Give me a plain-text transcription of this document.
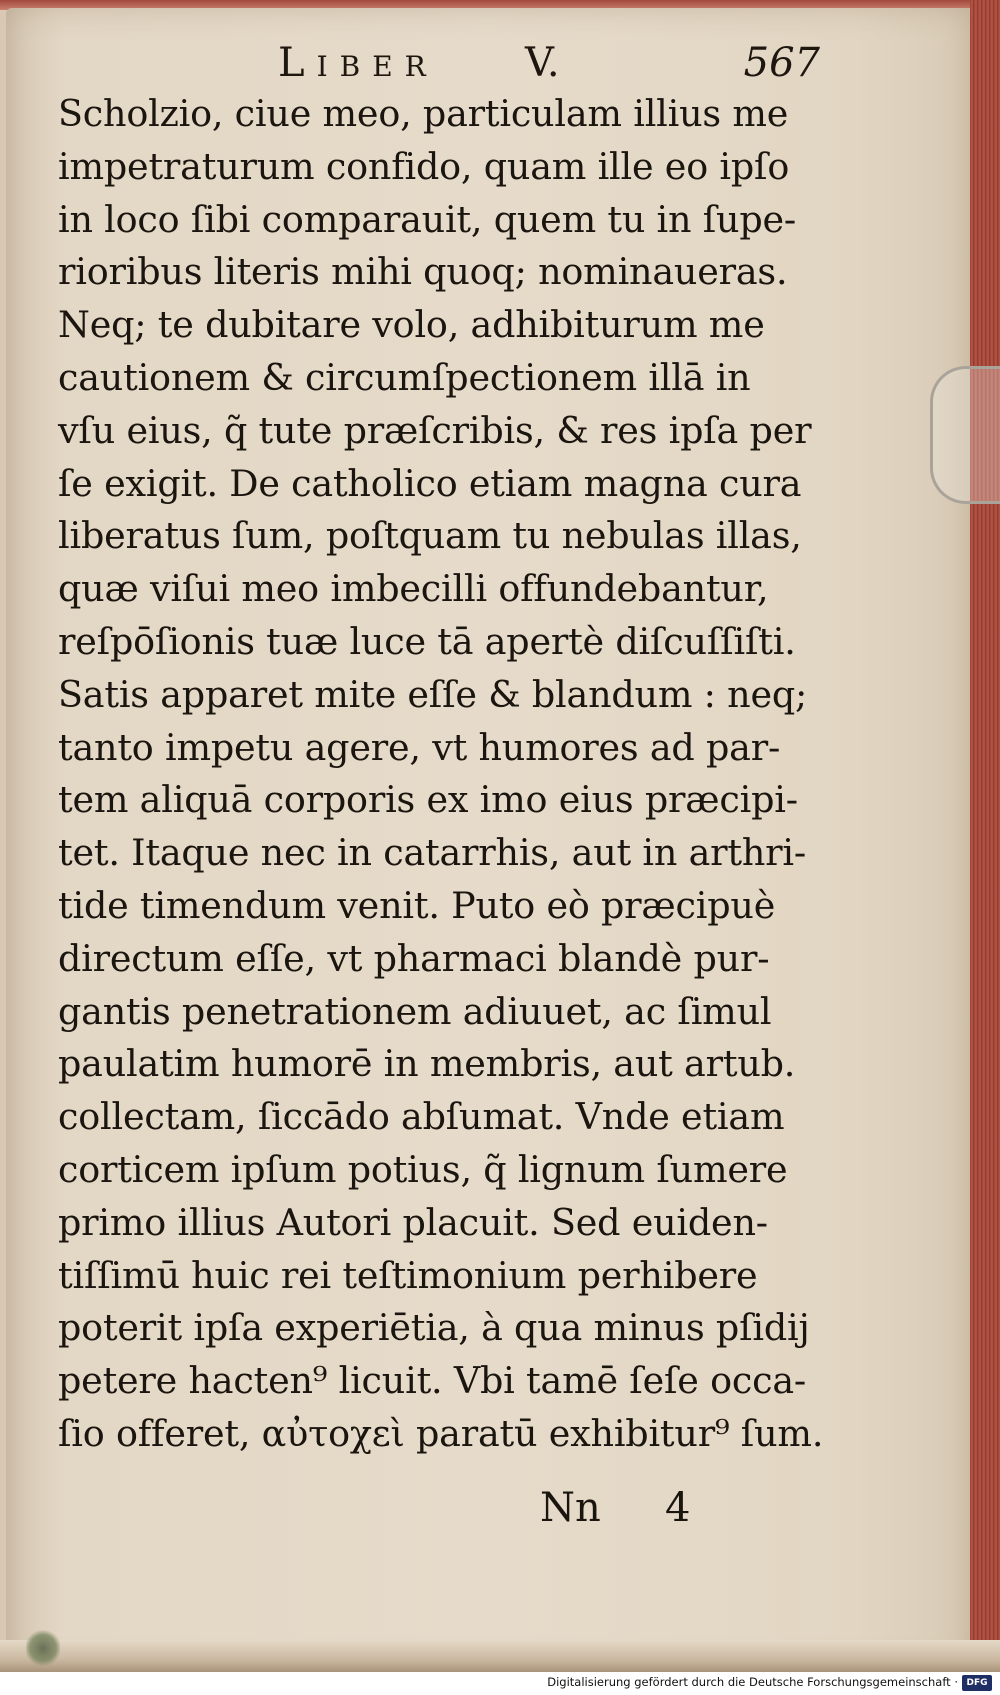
Liber V.	567
Scholzio, ciue meo, particulam illius me
impetraturum confido, quam ille eo ipſo
in loco ſibi comparauit, quem tu in ſupe-
rioribus literis mihi quoq; nominaueras.
Neq; te dubitare volo, adhibiturum me
cautionem & circumſpectionem illā in
vſu eius, q̃ tute præſcribis, & res ipſa per
ſe exigit. De catholico etiam magna cura
liberatus ſum, poſtquam tu nebulas illas,
quæ viſui meo imbecilli offundebantur,
reſpōſionis tuæ luce tā apertè diſcuſſiſti.
Satis apparet mite eſſe & blandum : neq;
tanto impetu agere, vt humores ad par-
tem aliquā corporis ex imo eius præcipi-
tet. Itaque nec in catarrhis, aut in arthri-
tide timendum venit. Puto eò præcipuè
directum eſſe, vt pharmaci blandè pur-
gantis penetrationem adiuuet, ac ſimul
paulatim humorē in membris, aut artub.
collectam, ſiccādo abſumat. Vnde etiam
corticem ipſum potius, q̃ lignum ſumere
primo illius Autori placuit. Sed euiden-
tiſſimū huic rei teſtimonium perhibere
poterit ipſa experiētia, à qua minus pſidij
petere hacten⁹ licuit. Vbi tamē ſeſe occa-
ſio offeret, αὐτοχεὶ paratū exhibitur⁹ ſum.
Nn 4
Digitalisierung gefördert durch die Deutsche Forschungsgemeinschaft · DFG
